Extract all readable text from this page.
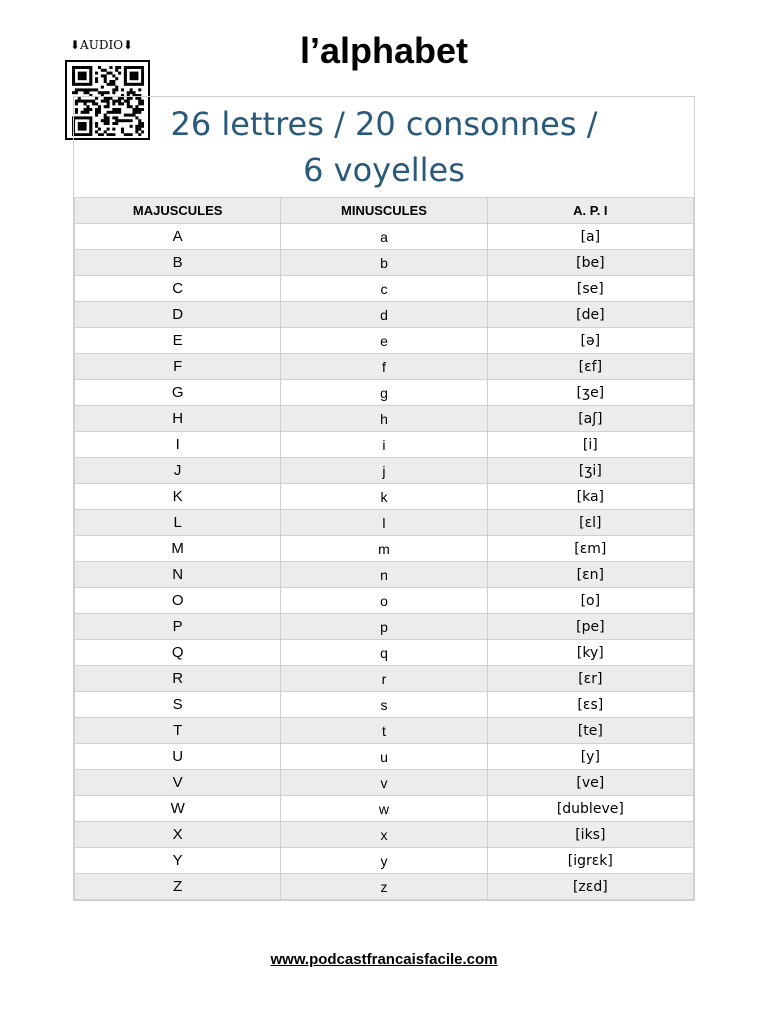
⬇AUDIO⬇	l’alphabet
26 lettres / 20 consonnes /
6 voyelles
MAJUSCULES	MINUSCULES	A. P. I
A	a	[a]
B	b	[be]
C	c	[se]
D	d	[de]
E	e	[ə]
F	f	[ɛf]
G	g	[ʒe]
H	h	[aʃ]
I	i	[i]
J	j	[ʒi]
K	k	[ka]
L	l	[ɛl]
M	m	[ɛm]
N	n	[ɛn]
O	o	[o]
P	p	[pe]
Q	q	[ky]
R	r	[ɛr]
S	s	[ɛs]
T	t	[te]
U	u	[y]
V	v	[ve]
W	w	[dubleve]
X	x	[iks]
Y	y	[igrɛk]
Z	z	[zɛd]
www.podcastfrancaisfacile.com
